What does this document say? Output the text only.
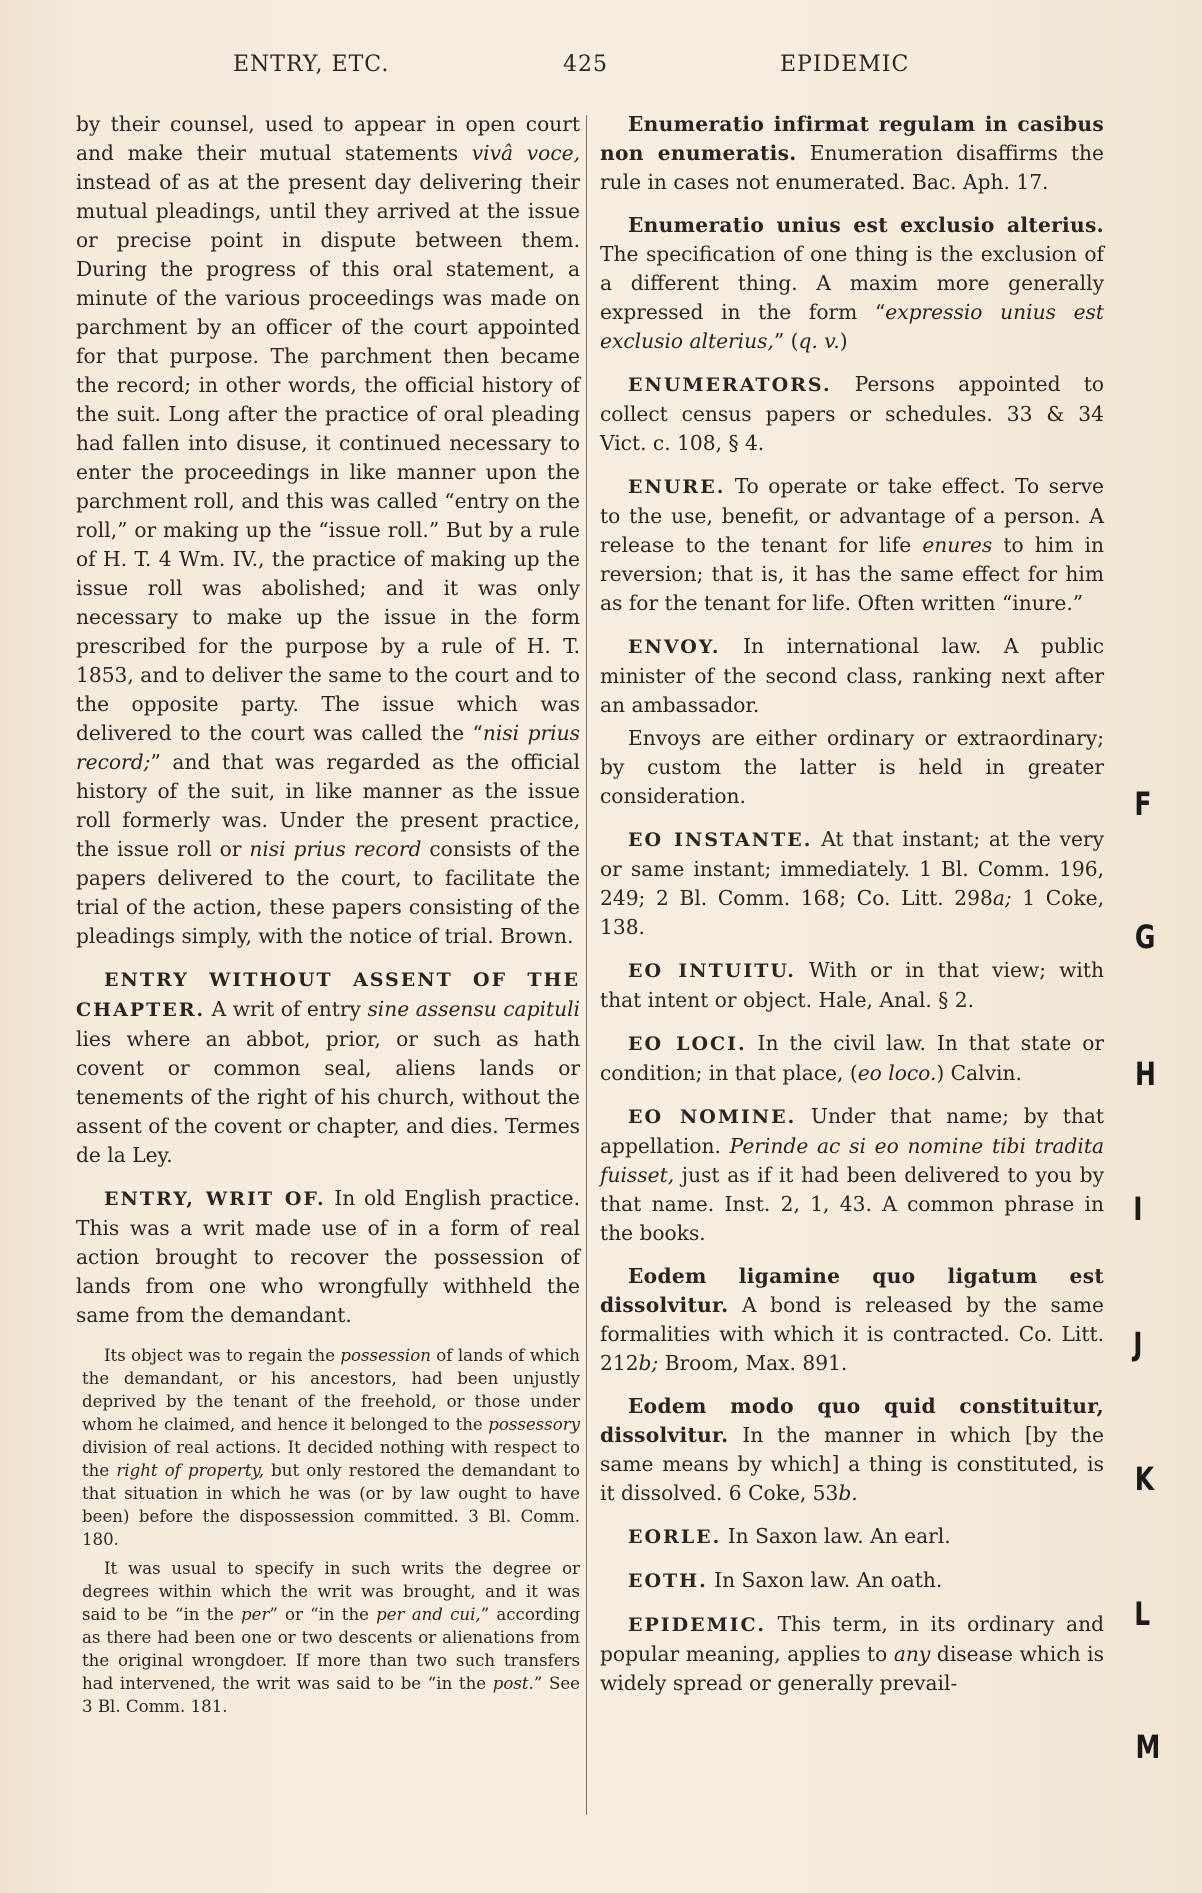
ENTRY, ETC.	425	EPIDEMIC

by their counsel, used to appear in open court and make their mutual statements vivâ voce, instead of as at the present day delivering their mutual pleadings, until they arrived at the issue or precise point in dispute between them. During the progress of this oral statement, a minute of the various proceedings was made on parchment by an officer of the court appointed for that purpose. The parchment then became the record; in other words, the official history of the suit. Long after the practice of oral pleading had fallen into disuse, it continued necessary to enter the proceedings in like manner upon the parchment roll, and this was called “entry on the roll,” or making up the “issue roll.” But by a rule of H. T. 4 Wm. IV., the practice of making up the issue roll was abolished; and it was only necessary to make up the issue in the form prescribed for the purpose by a rule of H. T. 1853, and to deliver the same to the court and to the opposite party. The issue which was delivered to the court was called the “nisi prius record;” and that was regarded as the official history of the suit, in like manner as the issue roll formerly was. Under the present practice, the issue roll or nisi prius record consists of the papers delivered to the court, to facilitate the trial of the action, these papers consisting of the pleadings simply, with the notice of trial. Brown.

ENTRY WITHOUT ASSENT OF THE CHAPTER. A writ of entry sine assensu capituli lies where an abbot, prior, or such as hath covent or common seal, aliens lands or tenements of the right of his church, without the assent of the covent or chapter, and dies. Termes de la Ley.

ENTRY, WRIT OF. In old English practice. This was a writ made use of in a form of real action brought to recover the possession of lands from one who wrongfully withheld the same from the demandant.

Its object was to regain the possession of lands of which the demandant, or his ancestors, had been unjustly deprived by the tenant of the freehold, or those under whom he claimed, and hence it belonged to the possessory division of real actions. It decided nothing with respect to the right of property, but only restored the demandant to that situation in which he was (or by law ought to have been) before the dispossession committed. 3 Bl. Comm. 180.

It was usual to specify in such writs the degree or degrees within which the writ was brought, and it was said to be “in the per” or “in the per and cui,” according as there had been one or two descents or alienations from the original wrongdoer. If more than two such transfers had intervened, the writ was said to be “in the post.” See 3 Bl. Comm. 181.

Enumeratio infirmat regulam in casibus non enumeratis. Enumeration disaffirms the rule in cases not enumerated. Bac. Aph. 17.

Enumeratio unius est exclusio alterius. The specification of one thing is the exclusion of a different thing. A maxim more generally expressed in the form “expressio unius est exclusio alterius,” (q. v.)

ENUMERATORS. Persons appointed to collect census papers or schedules. 33 & 34 Vict. c. 108, § 4.

ENURE. To operate or take effect. To serve to the use, benefit, or advantage of a person. A release to the tenant for life enures to him in reversion; that is, it has the same effect for him as for the tenant for life. Often written “inure.”

ENVOY. In international law. A public minister of the second class, ranking next after an ambassador.

Envoys are either ordinary or extraordinary; by custom the latter is held in greater consideration.

EO INSTANTE. At that instant; at the very or same instant; immediately. 1 Bl. Comm. 196, 249; 2 Bl. Comm. 168; Co. Litt. 298a; 1 Coke, 138.

EO INTUITU. With or in that view; with that intent or object. Hale, Anal. § 2.

EO LOCI. In the civil law. In that state or condition; in that place, (eo loco.) Calvin.

EO NOMINE. Under that name; by that appellation. Perinde ac si eo nomine tibi tradita fuisset, just as if it had been delivered to you by that name. Inst. 2, 1, 43. A common phrase in the books.

Eodem ligamine quo ligatum est dissolvitur. A bond is released by the same formalities with which it is contracted. Co. Litt. 212b; Broom, Max. 891.

Eodem modo quo quid constituitur, dissolvitur. In the manner in which [by the same means by which] a thing is constituted, is it dissolved. 6 Coke, 53b.

EORLE. In Saxon law. An earl.

EOTH. In Saxon law. An oath.

EPIDEMIC. This term, in its ordinary and popular meaning, applies to any disease which is widely spread or generally prevail-

F
G
H
I
J
K
L
M
